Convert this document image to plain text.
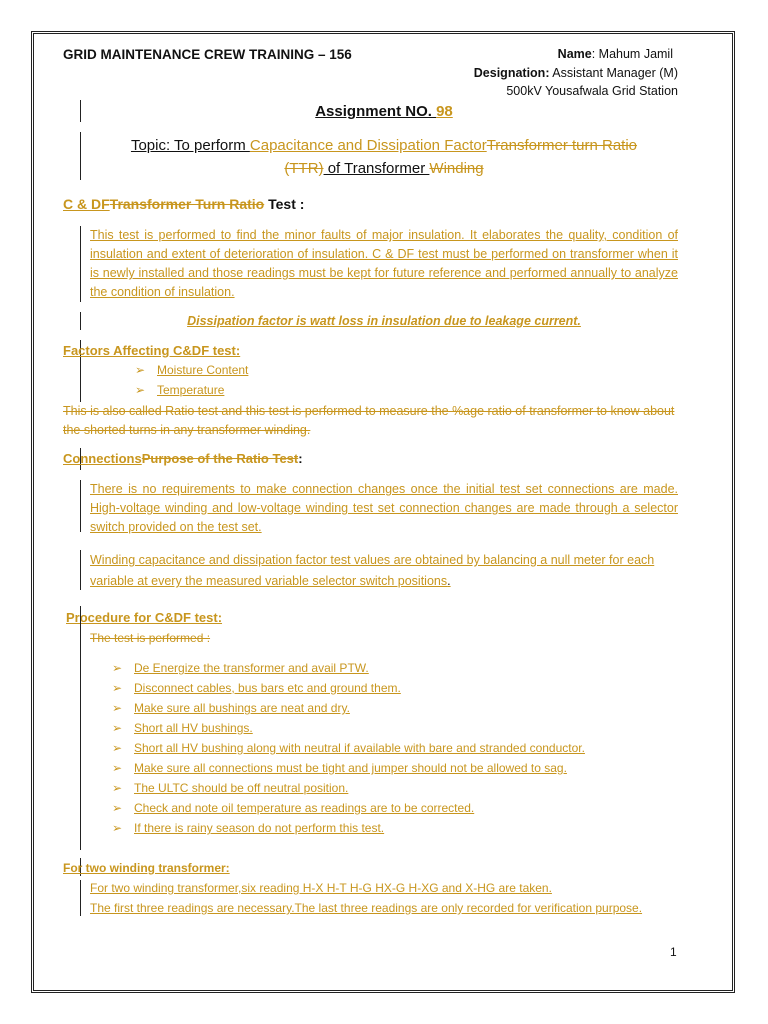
GRID MAINTENANCE CREW TRAINING – 156	Name: Mahum Jamil
Designation: Assistant Manager (M)
500kV Yousafwala Grid Station
Assignment NO. 98
Topic: To perform Capacitance and Dissipation FactorTransformer turn Ratio
(TTR) of Transformer Winding
C & DFTransformer Turn Ratio Test :
This test is performed to find the minor faults of major insulation. It elaborates the quality, condition of insulation and extent of deterioration of insulation. C & DF test must be performed on transformer when it is newly installed and those readings must be kept for future reference and performed annually to analyze the condition of insulation.
Dissipation factor is watt loss in insulation due to leakage current.
Factors Affecting C&DF test:
➢ Moisture Content
➢ Temperature
This is also called Ratio test and this test is performed to measure the %age ratio of transformer to know about the shorted turns in any transformer winding.
ConnectionsPurpose of the Ratio Test:
There is no requirements to make connection changes once the initial test set connections are made. High-voltage winding and low-voltage winding test set connection changes are made through a selector switch provided on the test set.
Winding capacitance and dissipation factor test values are obtained by balancing a null meter for each variable at every the measured variable selector switch positions.
Procedure for C&DF test:
The test is performed :
➢ De Energize the transformer and avail PTW.
➢ Disconnect cables, bus bars etc and ground them.
➢ Make sure all bushings are neat and dry.
➢ Short all HV bushings.
➢ Short all HV bushing along with neutral if available with bare and stranded conductor.
➢ Make sure all connections must be tight and jumper should not be allowed to sag.
➢ The ULTC should be off neutral position.
➢ Check and note oil temperature as readings are to be corrected.
➢ If there is rainy season do not perform this test.
For two winding transformer:
For two winding transformer,six reading H-X H-T H-G HX-G H-XG and X-HG are taken.
The first three readings are necessary.The last three readings are only recorded for verification purpose.
1
